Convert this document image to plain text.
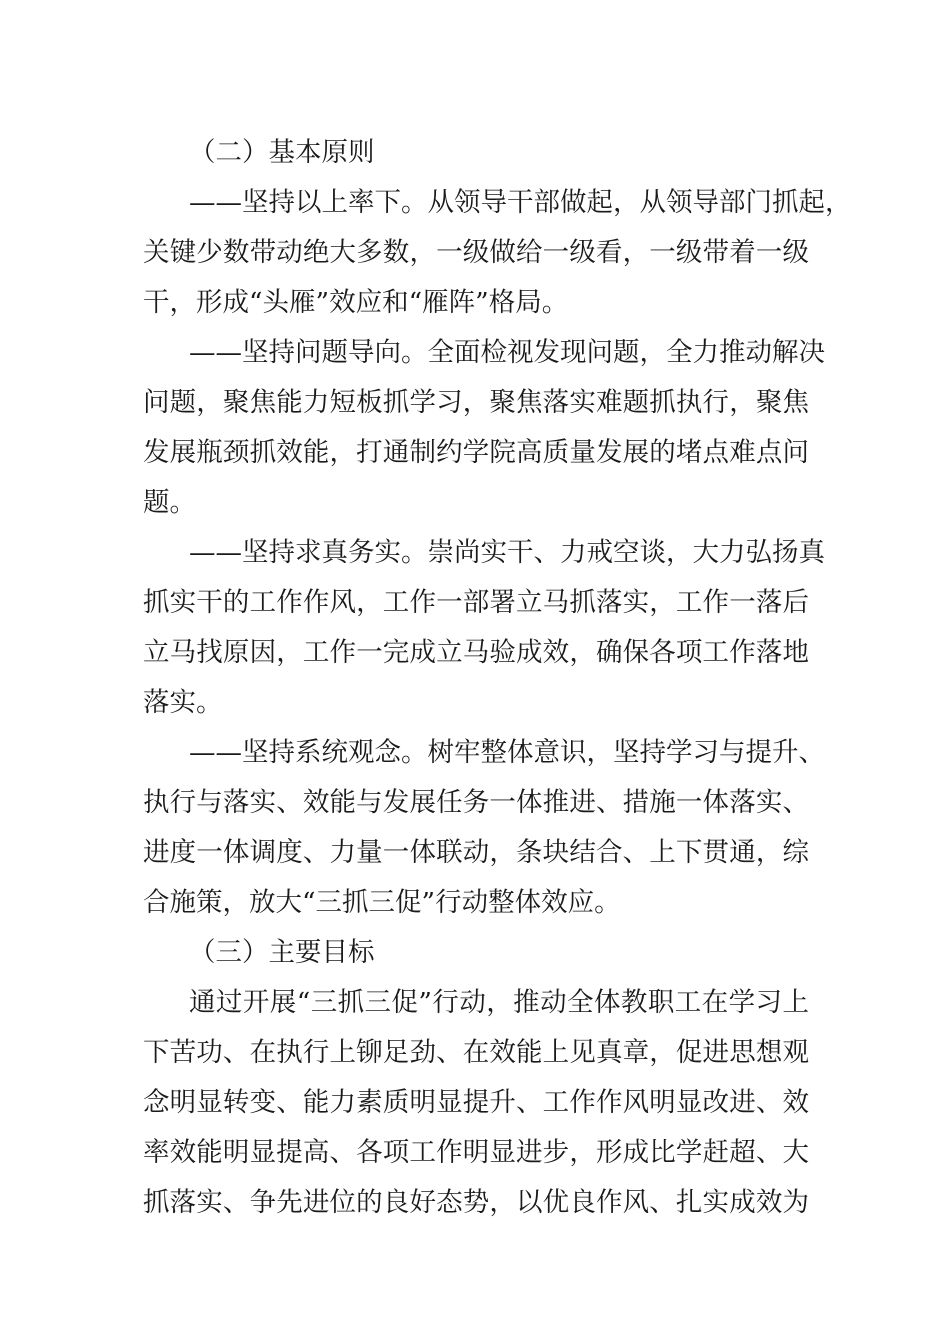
（二）基本原则
——坚持以上率下。从领导干部做起，从领导部门抓起，
关键少数带动绝大多数，一级做给一级看，一级带着一级
干，形成“头雁”效应和“雁阵”格局。
——坚持问题导向。全面检视发现问题，全力推动解决
问题，聚焦能力短板抓学习，聚焦落实难题抓执行，聚焦
发展瓶颈抓效能，打通制约学院高质量发展的堵点难点问
题。
——坚持求真务实。崇尚实干、力戒空谈，大力弘扬真
抓实干的工作作风，工作一部署立马抓落实，工作一落后
立马找原因，工作一完成立马验成效，确保各项工作落地
落实。
——坚持系统观念。树牢整体意识，坚持学习与提升、
执行与落实、效能与发展任务一体推进、措施一体落实、
进度一体调度、力量一体联动，条块结合、上下贯通，综
合施策，放大“三抓三促”行动整体效应。
（三）主要目标
通过开展“三抓三促”行动，推动全体教职工在学习上
下苦功、在执行上铆足劲、在效能上见真章，促进思想观
念明显转变、能力素质明显提升、工作作风明显改进、效
率效能明显提高、各项工作明显进步，形成比学赶超、大
抓落实、争先进位的良好态势，以优良作风、扎实成效为
